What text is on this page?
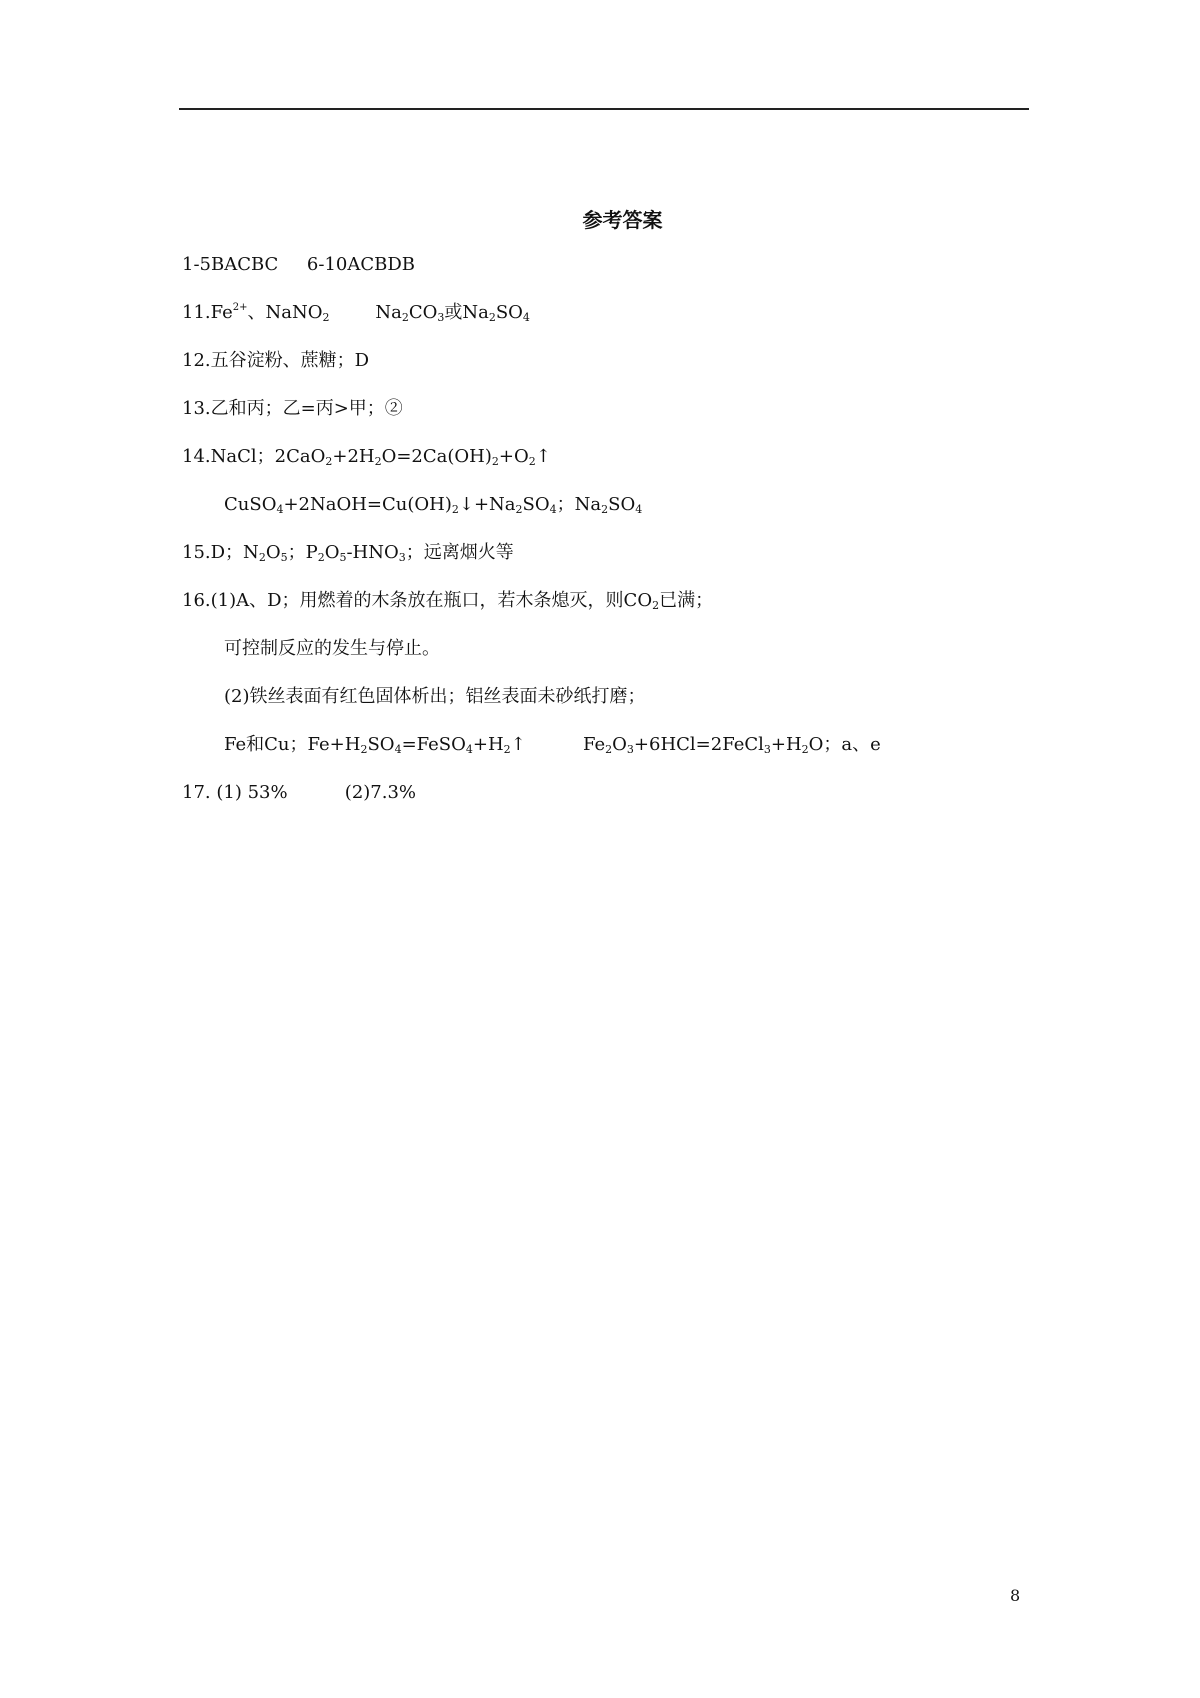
参考答案
1-5BACBC     6-10ACBDB
$11.Fe^{2+}$、NaNO$_2$        $Na_2CO_3$或$Na_2SO_4$
12.五谷淀粉、蔗糖；D
13.乙和丙；乙=丙>甲；②
14.NaCl；$2CaO_2+2H_2O=2Ca(OH)_2+O_2↑$
$CuSO_4+2NaOH=Cu(OH)_2↓+Na_2SO_4$；$Na_2SO_4$
15.D；$N_2O_5$；$P_2O_5-HNO_3$；远离烟火等
16.(1)A、D；用燃着的木条放在瓶口，若木条熄灭，则$CO_2$已满；
可控制反应的发生与停止。
(2)铁丝表面有红色固体析出；铝丝表面未砂纸打磨；
Fe和Cu；$Fe+H_2SO_4=FeSO_4+H_2↑$          $Fe_2O_3+6HCl=2FeCl_3+H_2O$；a、e
17. (1) 53%          (2)7.3%
8
